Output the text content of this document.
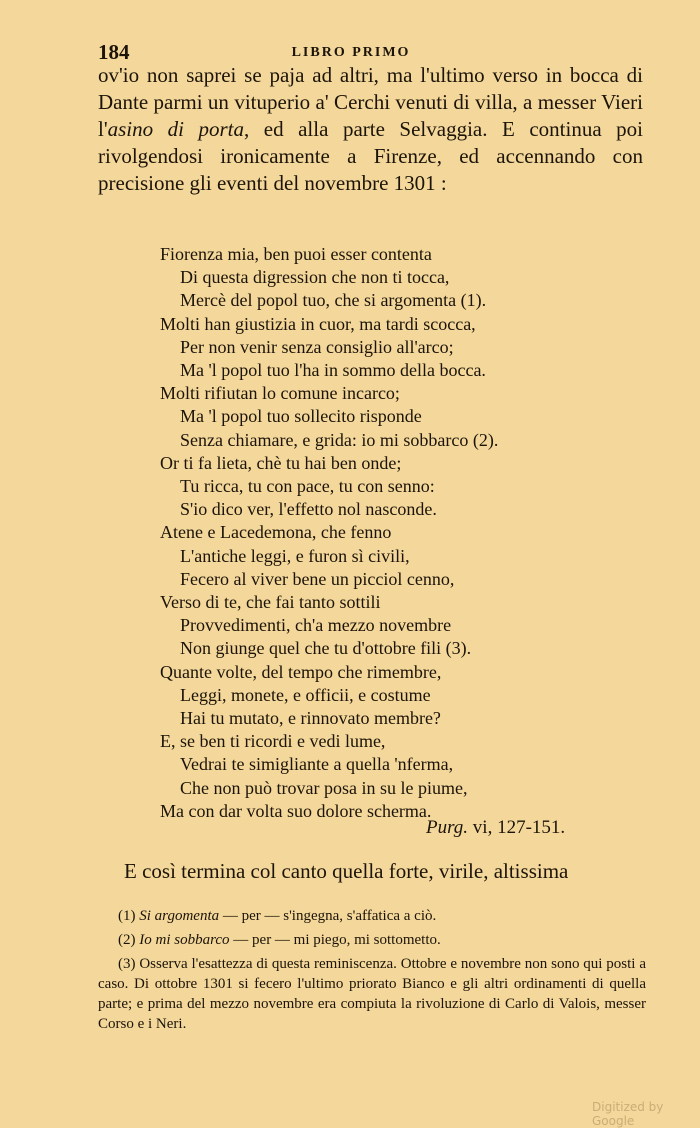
184	LIBRO PRIMO

ov'io non saprei se paja ad altri, ma l'ultimo verso in bocca di Dante parmi un vituperio a' Cerchi venuti di villa, a messer Vieri l'asino di porta, ed alla parte Selvaggia. E continua poi rivolgendosi ironicamente a Firenze, ed accennando con precisione gli eventi del novembre 1301 :

Fiorenza mia, ben puoi esser contenta
Di questa digression che non ti tocca,
Mercè del popol tuo, che si argomenta (1).
Molti han giustizia in cuor, ma tardi scocca,
Per non venir senza consiglio all'arco;
Ma 'l popol tuo l'ha in sommo della bocca.
Molti rifiutan lo comune incarco;
Ma 'l popol tuo sollecito risponde
Senza chiamare, e grida: io mi sobbarco (2).
Or ti fa lieta, chè tu hai ben onde;
Tu ricca, tu con pace, tu con senno:
S'io dico ver, l'effetto nol nasconde.
Atene e Lacedemona, che fenno
L'antiche leggi, e furon sì civili,
Fecero al viver bene un picciol cenno,
Verso di te, che fai tanto sottili
Provvedimenti, ch'a mezzo novembre
Non giunge quel che tu d'ottobre fili (3).
Quante volte, del tempo che rimembre,
Leggi, monete, e officii, e costume
Hai tu mutato, e rinnovato membre?
E, se ben ti ricordi e vedi lume,
Vedrai te simigliante a quella 'nferma,
Che non può trovar posa in su le piume,
Ma con dar volta suo dolore scherma.
Purg. vi, 127-151.
E così termina col canto quella forte, virile, altissima

(1) Si argomenta — per — s'ingegna, s'affatica a ciò.

(2) Io mi sobbarco — per — mi piego, mi sottometto.

(3) Osserva l'esattezza di questa reminiscenza. Ottobre e novembre non sono qui posti a caso. Di ottobre 1301 si fecero l'ultimo priorato Bianco e gli altri ordinamenti di quella parte; e prima del mezzo novembre era compiuta la rivoluzione di Carlo di Valois, messer Corso e i Neri.

Digitized by Google
